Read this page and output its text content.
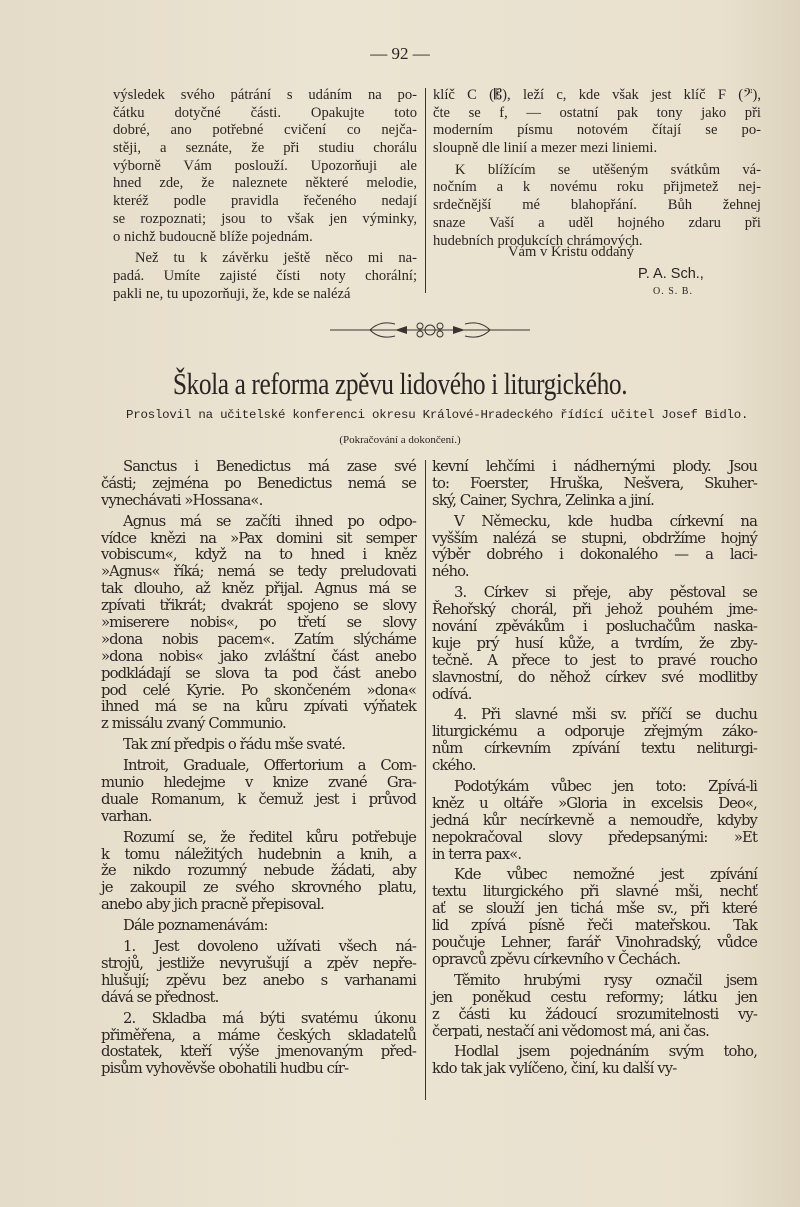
— 92 —
výsledek svého pátrání s udáním na po-
čátku dotyčné části. Opakujte toto
dobré, ano potřebné cvičení co nejča-
stěji, a seznáte, že při studiu chorálu
výborně Vám poslouží. Upozorňuji ale
hned zde, že naleznete některé melodie,
kteréž podle pravidla řečeného nedají
se rozpoznati; jsou to však jen výminky,
o nichž budoucně blíže pojednám.
Než tu k závěrku ještě něco mi na-
padá. Umíte zajisté čísti noty chorální;
pakli ne, tu upozorňuji, že, kde se nalézá
klíč C (𝄡), leží c, kde však jest klíč F (𝄢),
čte se f, — ostatní pak tony jako při
moderním písmu notovém čítají se po-
sloupně dle linií a mezer mezi liniemi.
K blížícím se utěšeným svátkům vá-
nočním a k novému roku přijmetež nej-
srdečnější mé blahopřání. Bůh žehnej
snaze Vaší a uděl hojného zdaru při
hudebních produkcích chrámových.
Vám v Kristu oddaný
P. A. Sch.,
O. S. B.
Škola a reforma zpěvu lidového i liturgického.
Proslovil na učitelské konferenci okresu Králové-Hradeckého řídící učitel Josef Bidlo.
(Pokračování a dokončení.)
Sanctus i Benedictus má zase své
části; zejména po Benedictus nemá se
vynechávati »Hossana«.
Agnus má se začíti ihned po odpo-
vídce knězi na »Pax domini sit semper
vobiscum«, když na to hned i kněz
»Agnus« říká; nemá se tedy preludovati
tak dlouho, až kněz přijal. Agnus má se
zpívati třikrát; dvakrát spojeno se slovy
»miserere nobis«, po třetí se slovy
»dona nobis pacem«. Zatím slýcháme
»dona nobis« jako zvláštní část anebo
podkládají se slova ta pod část anebo
pod celé Kyrie. Po skončeném »dona«
ihned má se na kůru zpívati výňatek
z missálu zvaný Communio.
Tak zní předpis o řádu mše svaté.
Introit, Graduale, Offertorium a Com-
munio hledejme v knize zvané Gra-
duale Romanum, k čemuž jest i průvod
varhan.
Rozumí se, že ředitel kůru potřebuje
k tomu náležitých hudebnin a knih, a
že nikdo rozumný nebude žádati, aby
je zakoupil ze svého skrovného platu,
anebo aby jich pracně přepisoval.
Dále poznamenávám:
1. Jest dovoleno užívati všech ná-
strojů, jestliže nevyrušují a zpěv nepře-
hlušují; zpěvu bez anebo s varhanami
dává se přednost.
2. Skladba má býti svatému úkonu
přiměřena, a máme českých skladatelů
dostatek, kteří výše jmenovaným před-
pisům vyhověvše obohatili hudbu cír-
kevní lehčími i nádhernými plody. Jsou
to: Foerster, Hruška, Nešvera, Skuher-
ský, Cainer, Sychra, Zelinka a jiní.
V Německu, kde hudba církevní na
vyšším nalézá se stupni, obdržíme hojný
výběr dobrého i dokonalého — a laci-
ného.
3. Církev si přeje, aby pěstoval se
Řehořský chorál, při jehož pouhém jme-
nování zpěvákům i posluchačům naska-
kuje prý husí kůže, a tvrdím, že zby-
tečně. A přece to jest to pravé roucho
slavnostní, do něhož církev své modlitby
odívá.
4. Při slavné mši sv. příčí se duchu
liturgickému a odporuje zřejmým záko-
nům církevním zpívání textu neliturgi-
ckého.
Podotýkám vůbec jen toto: Zpívá-li
kněz u oltáře »Gloria in excelsis Deo«,
jedná kůr necírkevně a nemoudře, kdyby
nepokračoval slovy předepsanými: »Et
in terra pax«.
Kde vůbec nemožné jest zpívání
textu liturgického při slavné mši, nechť
ať se slouží jen tichá mše sv., při které
lid zpívá písně řeči mateřskou. Tak
poučuje Lehner, farář Vinohradský, vůdce
opravců zpěvu církevního v Čechách.
Těmito hrubými rysy označil jsem
jen poněkud cestu reformy; látku jen
z části ku žádoucí srozumitelnosti vy-
čerpati, nestačí ani vědomost má, ani čas.
Hodlal jsem pojednáním svým toho,
kdo tak jak vylíčeno, činí, ku další vy-
